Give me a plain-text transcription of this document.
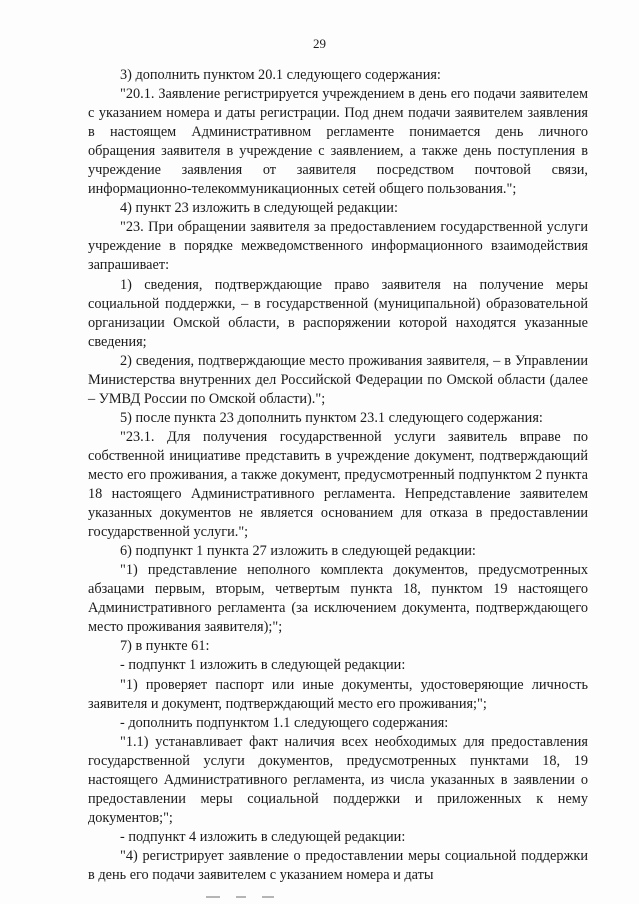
29

3) дополнить пунктом 20.1 следующего содержания:

"20.1. Заявление регистрируется учреждением в день его подачи заявителем с указанием номера и даты регистрации. Под днем подачи заявителем заявления в настоящем Административном регламенте понимается день личного обращения заявителя в учреждение с заявлением, а также день поступления в учреждение заявления от заявителя посредством почтовой связи, информационно-телекоммуникационных сетей общего пользования.";

4) пункт 23 изложить в следующей редакции:

"23. При обращении заявителя за предоставлением государственной услуги учреждение в порядке межведомственного информационного взаимодействия запрашивает:

1) сведения, подтверждающие право заявителя на получение меры социальной поддержки, – в государственной (муниципальной) образовательной организации Омской области, в распоряжении которой находятся указанные сведения;

2) сведения, подтверждающие место проживания заявителя, – в Управлении Министерства внутренних дел Российской Федерации по Омской области (далее – УМВД России по Омской области).";

5) после пункта 23 дополнить пунктом 23.1 следующего содержания:

"23.1. Для получения государственной услуги заявитель вправе по собственной инициативе представить в учреждение документ, подтверждающий место его проживания, а также документ, предусмотренный подпунктом 2 пункта 18 настоящего Административного регламента. Непредставление заявителем указанных документов не является основанием для отказа в предоставлении государственной услуги.";

6) подпункт 1 пункта 27 изложить в следующей редакции:

"1) представление неполного комплекта документов, предусмотренных абзацами первым, вторым, четвертым пункта 18, пунктом 19 настоящего Административного регламента (за исключением документа, подтверждающего место проживания заявителя);";

7) в пункте 61:

- подпункт 1 изложить в следующей редакции:

"1) проверяет паспорт или иные документы, удостоверяющие личность заявителя и документ, подтверждающий место его проживания;";

- дополнить подпунктом 1.1 следующего содержания:

"1.1) устанавливает факт наличия всех необходимых для предоставления государственной услуги документов, предусмотренных пунктами 18, 19 настоящего Административного регламента, из числа указанных в заявлении о предоставлении меры социальной поддержки и приложенных к нему документов;";

- подпункт 4 изложить в следующей редакции:

"4) регистрирует заявление о предоставлении меры социальной поддержки в день его подачи заявителем с указанием номера и даты
